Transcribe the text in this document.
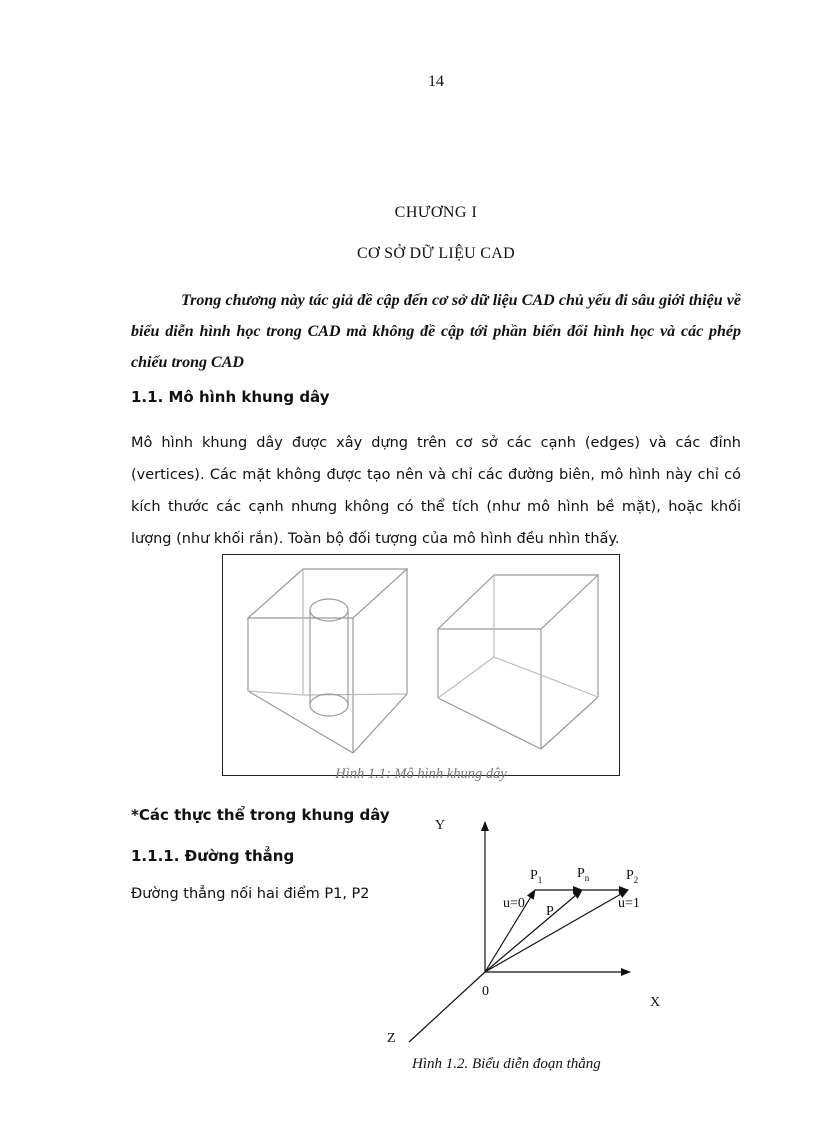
14
CHƯƠNG I
CƠ SỞ DỮ LIỆU CAD
Trong chương này tác giả đề cập đến cơ sở dữ liệu CAD chủ yếu đi sâu giới thiệu về biểu diễn hình học trong CAD mà không đề cập tới phần biến đổi hình học và các phép chiếu trong CAD
1.1. Mô hình khung dây
Mô hình khung dây được xây dựng trên cơ sở các cạnh (edges) và các đỉnh (vertices). Các mặt không được tạo nên và chỉ các đường biên, mô hình này chỉ có kích thước các cạnh nhưng không có thể tích (như mô hình bề mặt), hoặc khối lượng (như khối rắn). Toàn bộ đối tượng của mô hình đều nhìn thấy.
Hình 1.1: Mô hình khung dây
*Các thực thể trong khung dây
1.1.1. Đường thẳng
Đường thẳng nối hai điểm P1, P2
Y
X
Z
0
$P_1$ $P_n$	$P_2$
P
u=0	u=1
Hình 1.2. Biểu diễn đoạn thẳng
